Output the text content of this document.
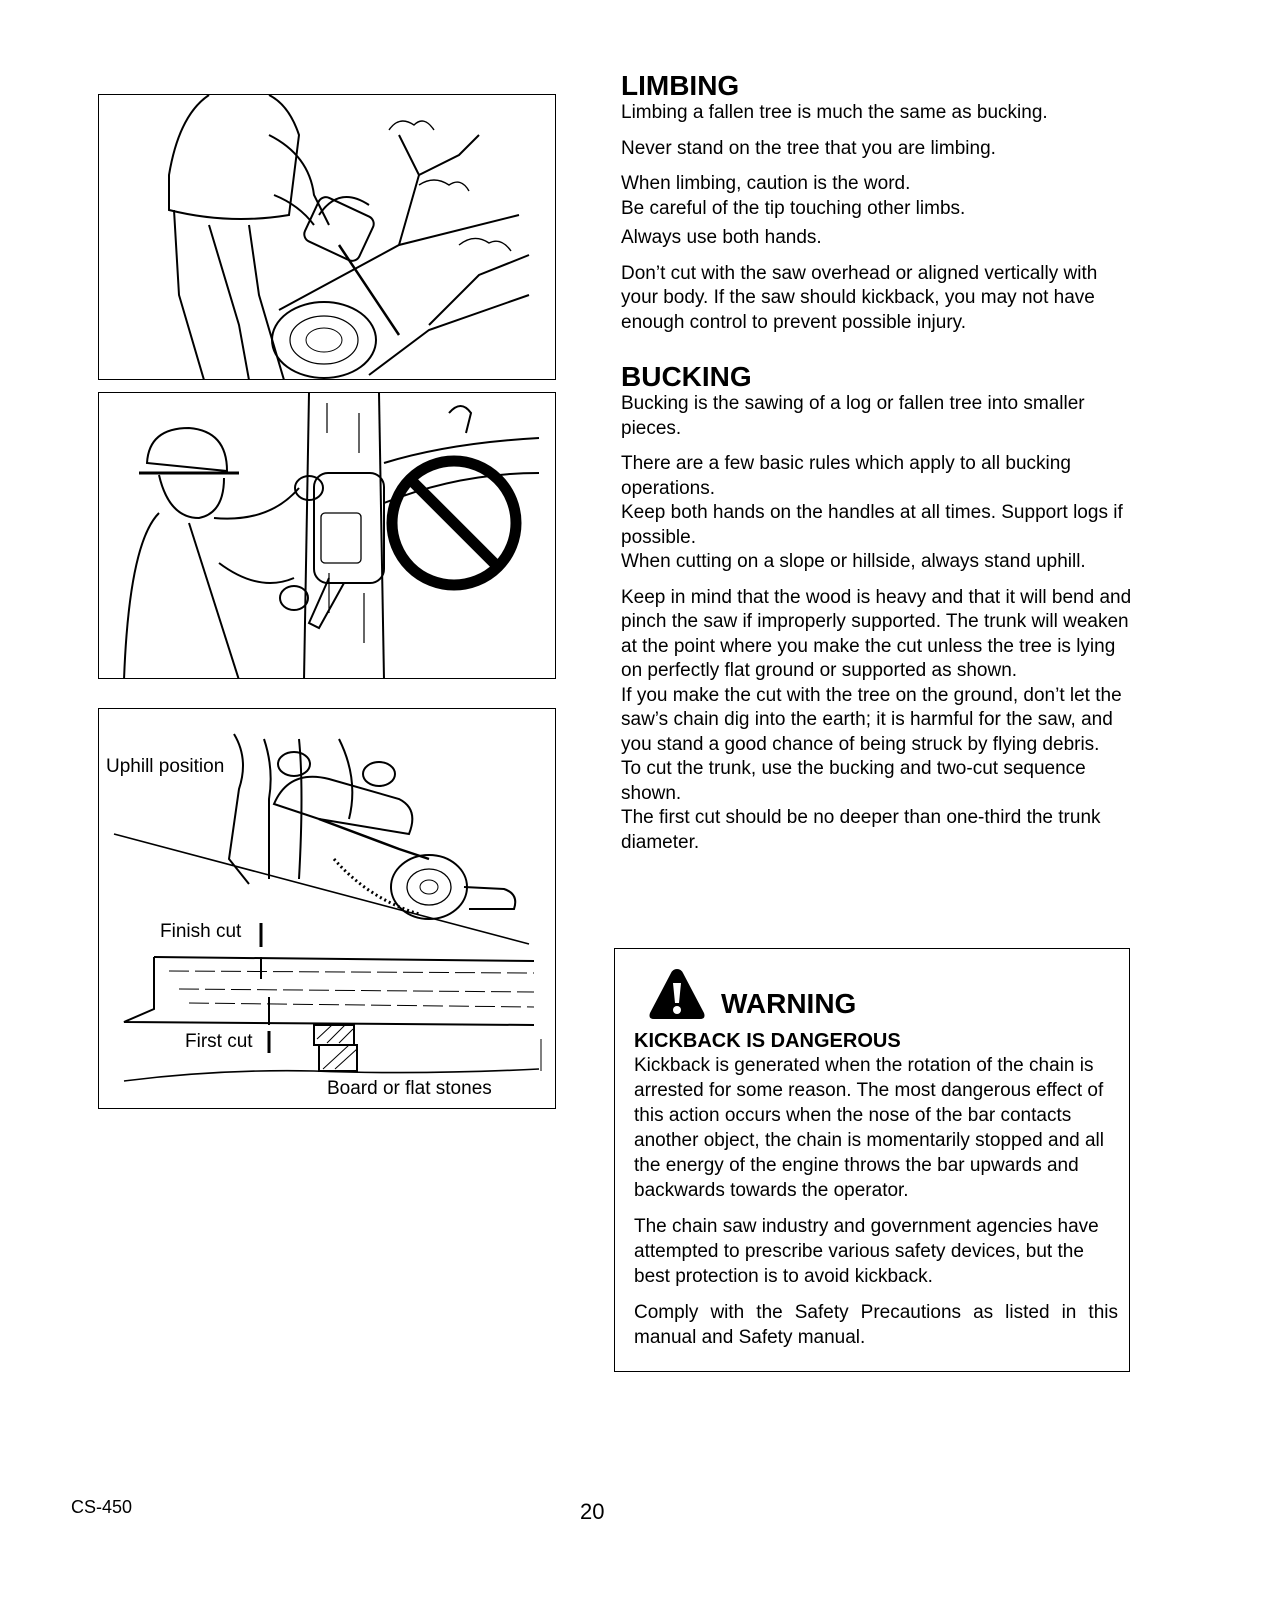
Uphill position
Finish cut
First cut
Board or flat stones
LIMBING

Limbing a fallen tree is much the same as bucking.

Never stand on the tree that you are limbing.

When limbing, caution is the word.

Be careful of the tip touching other limbs.

Always use both hands.

Don’t cut with the saw overhead or aligned vertically with your body. If the saw should kickback, you may not have enough control to prevent possible injury.

BUCKING

Bucking is the sawing of a log or fallen tree into smaller pieces.

There are a few basic rules which apply to all bucking operations.

Keep both hands on the handles at all times. Support logs if possible.

When cutting on a slope or hillside, always stand uphill.

Keep in mind that the wood is heavy and that it will bend and pinch the saw if improperly supported. The trunk will weaken at the point where you make the cut unless the tree is lying on perfectly flat ground or supported as shown.

If you make the cut with the tree on the ground, don’t let the saw’s chain dig into the earth; it is harmful for the saw, and you stand a good chance of being struck by flying debris.

To cut the trunk, use the bucking and two-cut sequence shown.

The first cut should be no deeper than one-third the trunk diameter.

WARNING
KICKBACK IS DANGEROUS

Kickback is generated when the rotation of the chain is arrested for some reason. The most dangerous effect of this action occurs when the nose of the bar contacts another object, the chain is momentarily stopped and all the energy of the engine throws the bar upwards and backwards towards the operator.

The chain saw industry and government agencies have attempted to prescribe various safety devices, but the best protection is to avoid kickback.

Comply with the Safety Precautions as listed in this manual and Safety manual.

CS-450	20
